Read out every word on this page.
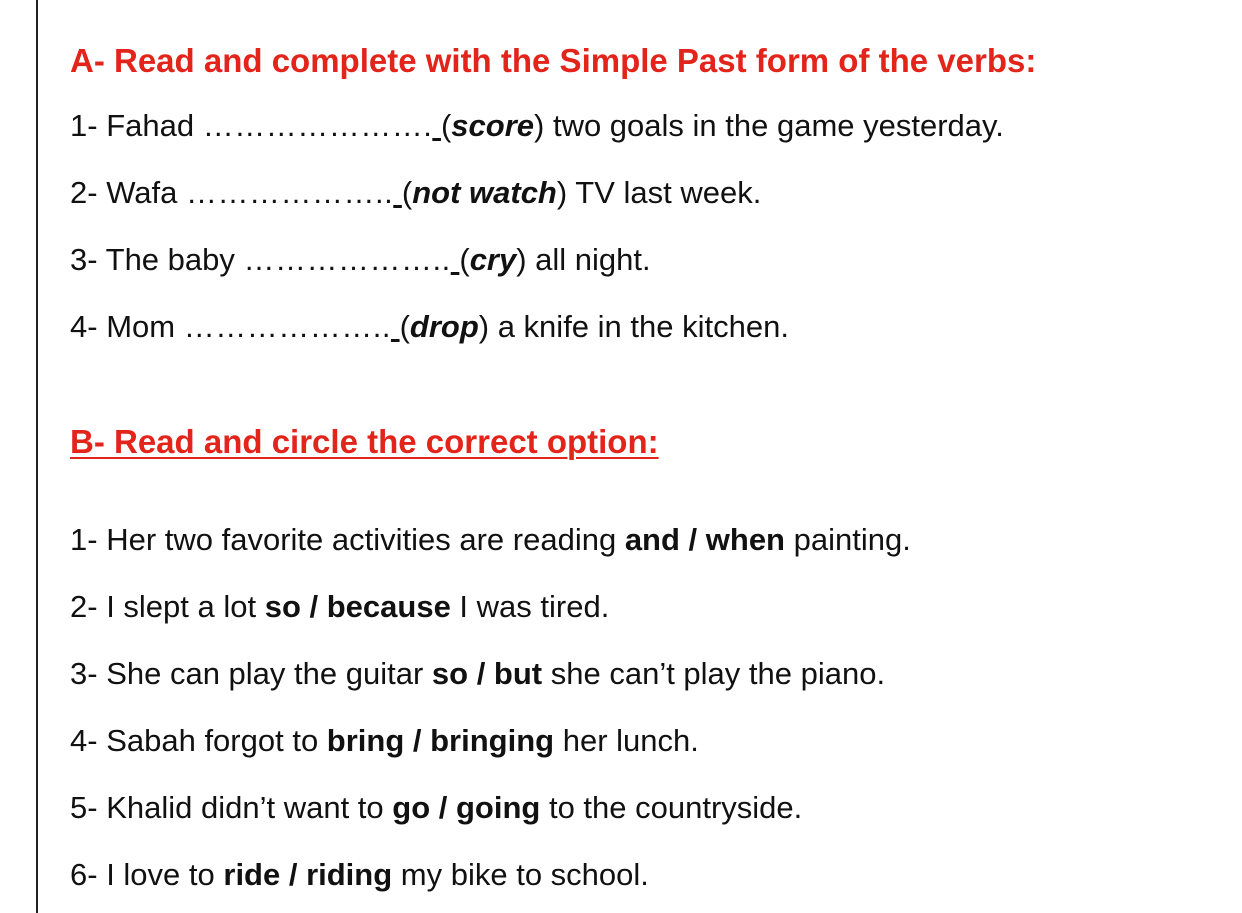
A- Read and complete with the Simple Past form of the verbs:
1- Fahad …………………. (score) two goals in the game yesterday.
2- Wafa ……………….. (not watch) TV last week.
3- The baby ……………….. (cry) all night.
4- Mom ……………….. (drop) a knife in the kitchen.
B- Read and circle the correct option:
1- Her two favorite activities are reading and / when painting.
2- I slept a lot so / because I was tired.
3- She can play the guitar so / but she can’t play the piano.
4- Sabah forgot to bring / bringing her lunch.
5- Khalid didn’t want to go / going to the countryside.
6- I love to ride / riding my bike to school.
